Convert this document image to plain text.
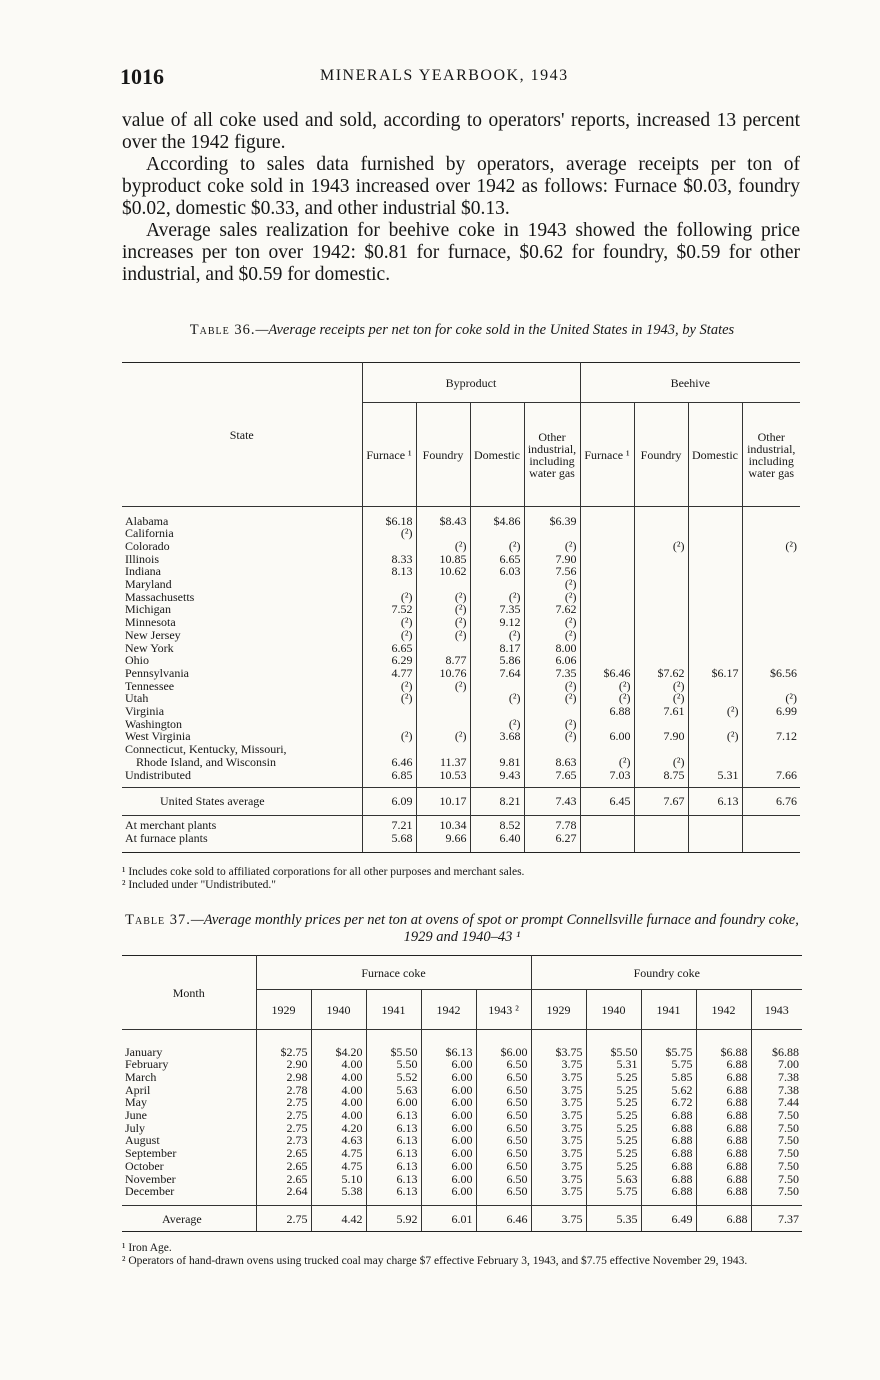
1016	MINERALS YEARBOOK, 1943

value of all coke used and sold, according to operators' reports, increased 13 percent over the 1942 figure.

According to sales data furnished by operators, average receipts per ton of byproduct coke sold in 1943 increased over 1942 as follows: Furnace $0.03, foundry $0.02, domestic $0.33, and other industrial $0.13.

Average sales realization for beehive coke in 1943 showed the following price increases per ton over 1942: $0.81 for furnace, $0.62 for foundry, $0.59 for other industrial, and $0.59 for domestic.

Table 36.—Average receipts per net ton for coke sold in the United States in 1943, by States
State	Byproduct				Beehive			
	Furnace ¹	Foundry	Domestic	Other industrial, including water gas	Furnace ¹	Foundry	Domestic	Other industrial, including water gas

Alabama	$6.18	$8.43	$4.86	$6.39				
California	(²)							
Colorado		(²)	(²)	(²)		(²)		(²)
Illinois	8.33	10.85	6.65	7.90				
Indiana	8.13	10.62	6.03	7.56				
Maryland				(²)				
Massachusetts	(²)	(²)	(²)	(²)				
Michigan	7.52	(²)	7.35	7.62				
Minnesota	(²)	(²)	9.12	(²)				
New Jersey	(²)	(²)	(²)	(²)				
New York	6.65		8.17	8.00				
Ohio	6.29	8.77	5.86	6.06				
Pennsylvania	4.77	10.76	7.64	7.35	$6.46	$7.62	$6.17	$6.56
Tennessee	(²)	(²)		(²)	(²)	(²)		
Utah	(²)		(²)	(²)	(²)	(²)		(²)
Virginia					6.88	7.61	(²)	6.99
Washington			(²)	(²)				
West Virginia	(²)	(²)	3.68	(²)	6.00	7.90	(²)	7.12
Connecticut, Kentucky, Missouri,								
Rhode Island, and Wisconsin	6.46	11.37	9.81	8.63	(²)	(²)		
Undistributed	6.85	10.53	9.43	7.65	7.03	8.75	5.31	7.66

United States average	6.09	10.17	8.21	7.43	6.45	7.67	6.13	6.76

At merchant plants	7.21	10.34	8.52	7.78				
At furnace plants	5.68	9.66	6.40	6.27				

¹ Includes coke sold to affiliated corporations for all other purposes and merchant sales.
² Included under "Undistributed."
Table 37.—Average monthly prices per net ton at ovens of spot or prompt Connellsville furnace and foundry coke, 1929 and 1940–43 ¹
Month	Furnace coke					Foundry coke				
	1929	1940	1941	1942	1943 ²	1929	1940	1941	1942	1943

January	$2.75	$4.20	$5.50	$6.13	$6.00	$3.75	$5.50	$5.75	$6.88	$6.88
February	2.90	4.00	5.50	6.00	6.50	3.75	5.31	5.75	6.88	7.00
March	2.98	4.00	5.52	6.00	6.50	3.75	5.25	5.85	6.88	7.38
April	2.78	4.00	5.63	6.00	6.50	3.75	5.25	5.62	6.88	7.38
May	2.75	4.00	6.00	6.00	6.50	3.75	5.25	6.72	6.88	7.44
June	2.75	4.00	6.13	6.00	6.50	3.75	5.25	6.88	6.88	7.50
July	2.75	4.20	6.13	6.00	6.50	3.75	5.25	6.88	6.88	7.50
August	2.73	4.63	6.13	6.00	6.50	3.75	5.25	6.88	6.88	7.50
September	2.65	4.75	6.13	6.00	6.50	3.75	5.25	6.88	6.88	7.50
October	2.65	4.75	6.13	6.00	6.50	3.75	5.25	6.88	6.88	7.50
November	2.65	5.10	6.13	6.00	6.50	3.75	5.63	6.88	6.88	7.50
December	2.64	5.38	6.13	6.00	6.50	3.75	5.75	6.88	6.88	7.50

Average	2.75	4.42	5.92	6.01	6.46	3.75	5.35	6.49	6.88	7.37
¹ Iron Age.
² Operators of hand-drawn ovens using trucked coal may charge $7 effective February 3, 1943, and $7.75 effective November 29, 1943.
